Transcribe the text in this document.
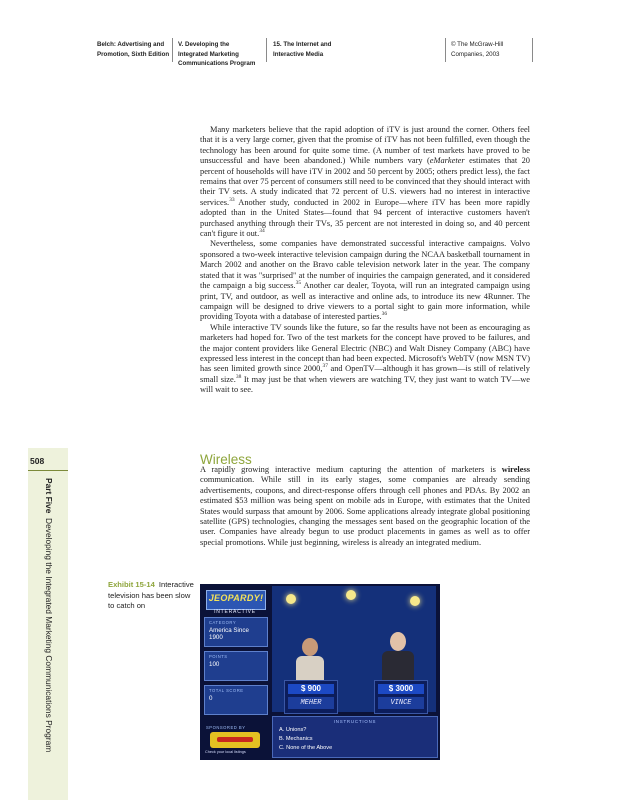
Belch: Advertising and
Promotion, Sixth Edition
V. Developing the
Integrated Marketing
Communications Program
15. The Internet and
Interactive Media
© The McGraw-Hill
Companies, 2003

Many marketers believe that the rapid adoption of iTV is just around the corner. Others feel that it is a very large corner, given that the promise of iTV has not been fulfilled, even though the technology has been around for quite some time. (A number of test markets have proved to be unsuccessful and have been abandoned.) While numbers vary (eMarketer estimates that 20 percent of households will have iTV in 2002 and 50 percent by 2005; others predict less), the fact remains that over 75 percent of consumers still need to be convinced that they should interact with their TV sets. A study indicated that 72 percent of U.S. viewers had no interest in interactive services.$^{33}$ Another study, conducted in 2002 in Europe—where iTV has been more rapidly adopted than in the United States—found that 94 percent of interactive customers haven't purchased anything through their TVs, 35 percent are not interested in doing so, and 40 percent can't figure it out.$^{34}$

Nevertheless, some companies have demonstrated successful interactive campaigns. Volvo sponsored a two-week interactive television campaign during the NCAA basketball tournament in March 2002 and another on the Bravo cable television network later in the year. The company stated that it was "surprised" at the number of inquiries the campaign generated, and it considered the campaign a big success.$^{35}$ Another car dealer, Toyota, will run an integrated campaign using print, TV, and outdoor, as well as interactive and online ads, to introduce its new 4Runner. The campaign will be designed to drive viewers to a portal sight to gain more information, while providing Toyota with a database of interested parties.$^{36}$

While interactive TV sounds like the future, so far the results have not been as encouraging as marketers had hoped for. Two of the test markets for the concept have proved to be failures, and the major content providers like General Electric (NBC) and Walt Disney Company (ABC) have expressed less interest in the concept than had been expected. Microsoft's WebTV (now MSN TV) has seen limited growth since 2000,37 and OpenTV—although it has grown—is still of relatively small size.$^{38}$ It may just be that when viewers are watching TV, they just want to watch TV—we will wait to see.

508
Part Five  Developing the Integrated Marketing Communications Program
Wireless

A rapidly growing interactive medium capturing the attention of marketers is wireless communication. While still in its early stages, some companies are already sending advertisements, coupons, and direct-response offers through cell phones and PDAs. By 2002 an estimated $53 million was being spent on mobile ads in Europe, with estimates that the United States would surpass that amount by 2006. Some applications already integrate global positioning satellite (GPS) technologies, changing the messages sent based on the geographic location of the user. Companies have already begun to use product placements in games as well as to offer special promotions. While just beginning, wireless is already an integrated medium.

Exhibit 15-14 Interactive television has been slow to catch on
JEOPARDY!
INTERACTIVE
CATEGORY
America Since
1900
POINTS
100
TOTAL SCORE
0
SPONSORED BY
Check your local listings
$ 900
MEHER
$ 3000
VINCE
INSTRUCTIONS
A. Unions?
B. Mechanics
C. None of the Above
